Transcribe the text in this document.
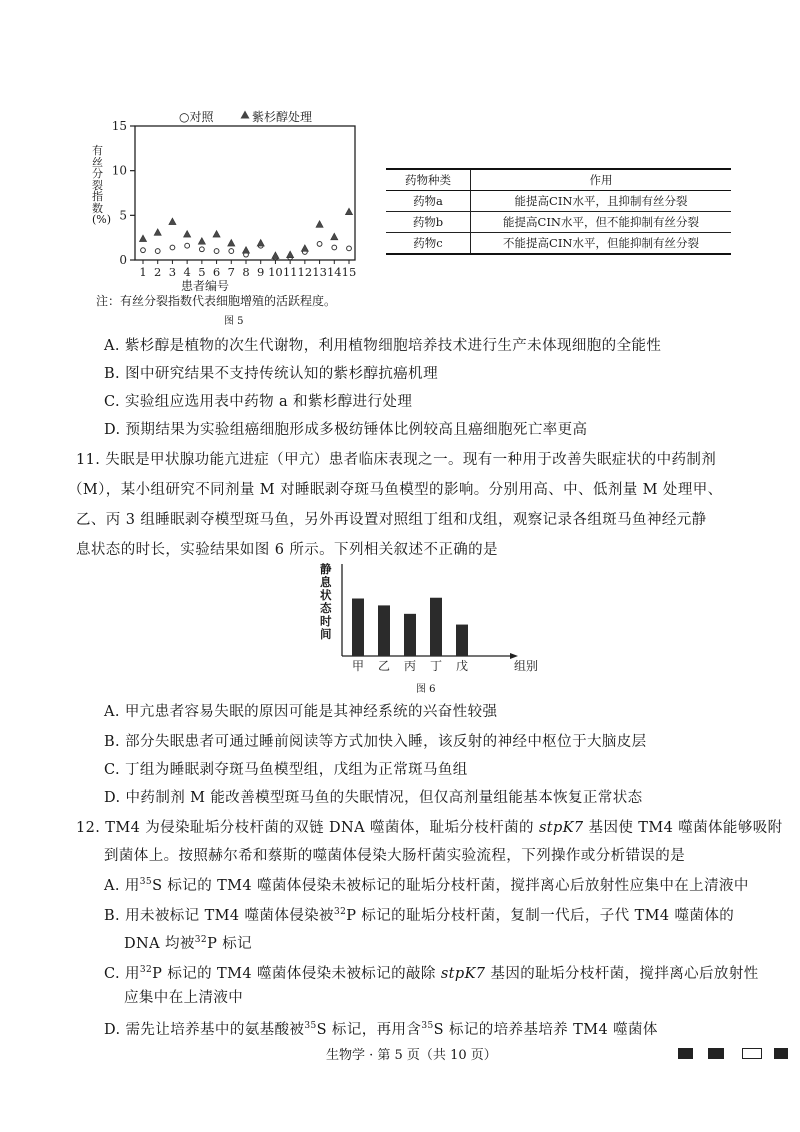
0
5
10
15
1 2 3 4 5 6 7 8 9 10 11 12 13 14 15
○对照	紫杉醇处理
有丝分裂指数(%)
患者编号
注：有丝分裂指数代表细胞增殖的活跃程度。
图 5
药物种类	作用
药物a	能提高CIN水平，且抑制有丝分裂
药物b	能提高CIN水平，但不能抑制有丝分裂
药物c	不能提高CIN水平，但能抑制有丝分裂
A. 紫杉醇是植物的次生代谢物，利用植物细胞培养技术进行生产未体现细胞的全能性
B. 图中研究结果不支持传统认知的紫杉醇抗癌机理
C. 实验组应选用表中药物 a 和紫杉醇进行处理
D. 预期结果为实验组癌细胞形成多极纺锤体比例较高且癌细胞死亡率更高
11. 失眠是甲状腺功能亢进症（甲亢）患者临床表现之一。现有一种用于改善失眠症状的中药制剂
（M），某小组研究不同剂量 M 对睡眠剥夺斑马鱼模型的影响。分别用高、中、低剂量 M 处理甲、
乙、丙 3 组睡眠剥夺模型斑马鱼，另外再设置对照组丁组和戊组，观察记录各组斑马鱼神经元静
息状态的时长，实验结果如图 6 所示。下列相关叙述不正确的是
甲 乙 丙 丁 戊	组别
静息状态时间
图 6
A. 甲亢患者容易失眠的原因可能是其神经系统的兴奋性较强
B. 部分失眠患者可通过睡前阅读等方式加快入睡，该反射的神经中枢位于大脑皮层
C. 丁组为睡眠剥夺斑马鱼模型组，戊组为正常斑马鱼组
D. 中药制剂 M 能改善模型斑马鱼的失眠情况，但仅高剂量组能基本恢复正常状态
12. TM4 为侵染耻垢分枝杆菌的双链 DNA 噬菌体，耻垢分枝杆菌的 stpK7 基因使 TM4 噬菌体能够吸附
到菌体上。按照赫尔希和蔡斯的噬菌体侵染大肠杆菌实验流程，下列操作或分析错误的是
A. 用$^{35}$S 标记的 TM4 噬菌体侵染未被标记的耻垢分枝杆菌，搅拌离心后放射性应集中在上清液中
B. 用未被标记 TM4 噬菌体侵染被$^{32}$P 标记的耻垢分枝杆菌，复制一代后，子代 TM4 噬菌体的
DNA 均被$^{32}$P 标记
C. 用$^{32}$P 标记的 TM4 噬菌体侵染未被标记的敲除 stpK7 基因的耻垢分枝杆菌，搅拌离心后放射性
应集中在上清液中
D. 需先让培养基中的氨基酸被$^{35}$S 标记，再用含$^{35}$S 标记的培养基培养 TM4 噬菌体
生物学 · 第 5 页（共 10 页）
